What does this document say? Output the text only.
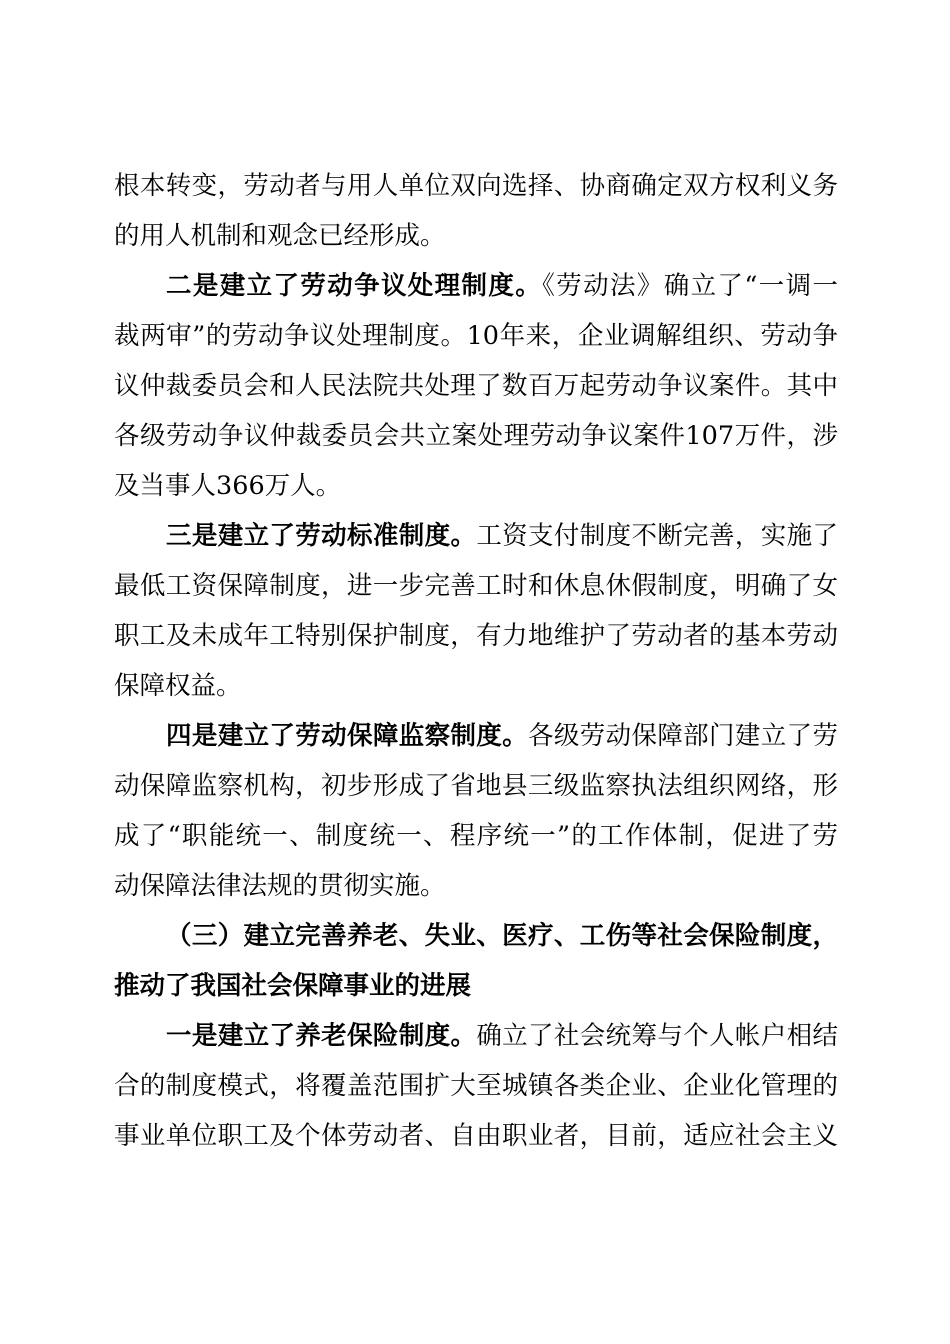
根本转变，劳动者与用人单位双向选择、协商确定双方权利义务
的用人机制和观念已经形成。
二是建立了劳动争议处理制度。《劳动法》确立了“一调一
裁两审”的劳动争议处理制度。10年来，企业调解组织、劳动争
议仲裁委员会和人民法院共处理了数百万起劳动争议案件。其中
各级劳动争议仲裁委员会共立案处理劳动争议案件107万件，涉
及当事人366万人。
三是建立了劳动标准制度。工资支付制度不断完善，实施了
最低工资保障制度，进一步完善工时和休息休假制度，明确了女
职工及未成年工特别保护制度，有力地维护了劳动者的基本劳动
保障权益。
四是建立了劳动保障监察制度。各级劳动保障部门建立了劳
动保障监察机构，初步形成了省地县三级监察执法组织网络，形
成了“职能统一、制度统一、程序统一”的工作体制，促进了劳
动保障法律法规的贯彻实施。
（三）建立完善养老、失业、医疗、工伤等社会保险制度，
推动了我国社会保障事业的进展
一是建立了养老保险制度。确立了社会统筹与个人帐户相结
合的制度模式，将覆盖范围扩大至城镇各类企业、企业化管理的
事业单位职工及个体劳动者、自由职业者，目前，适应社会主义
